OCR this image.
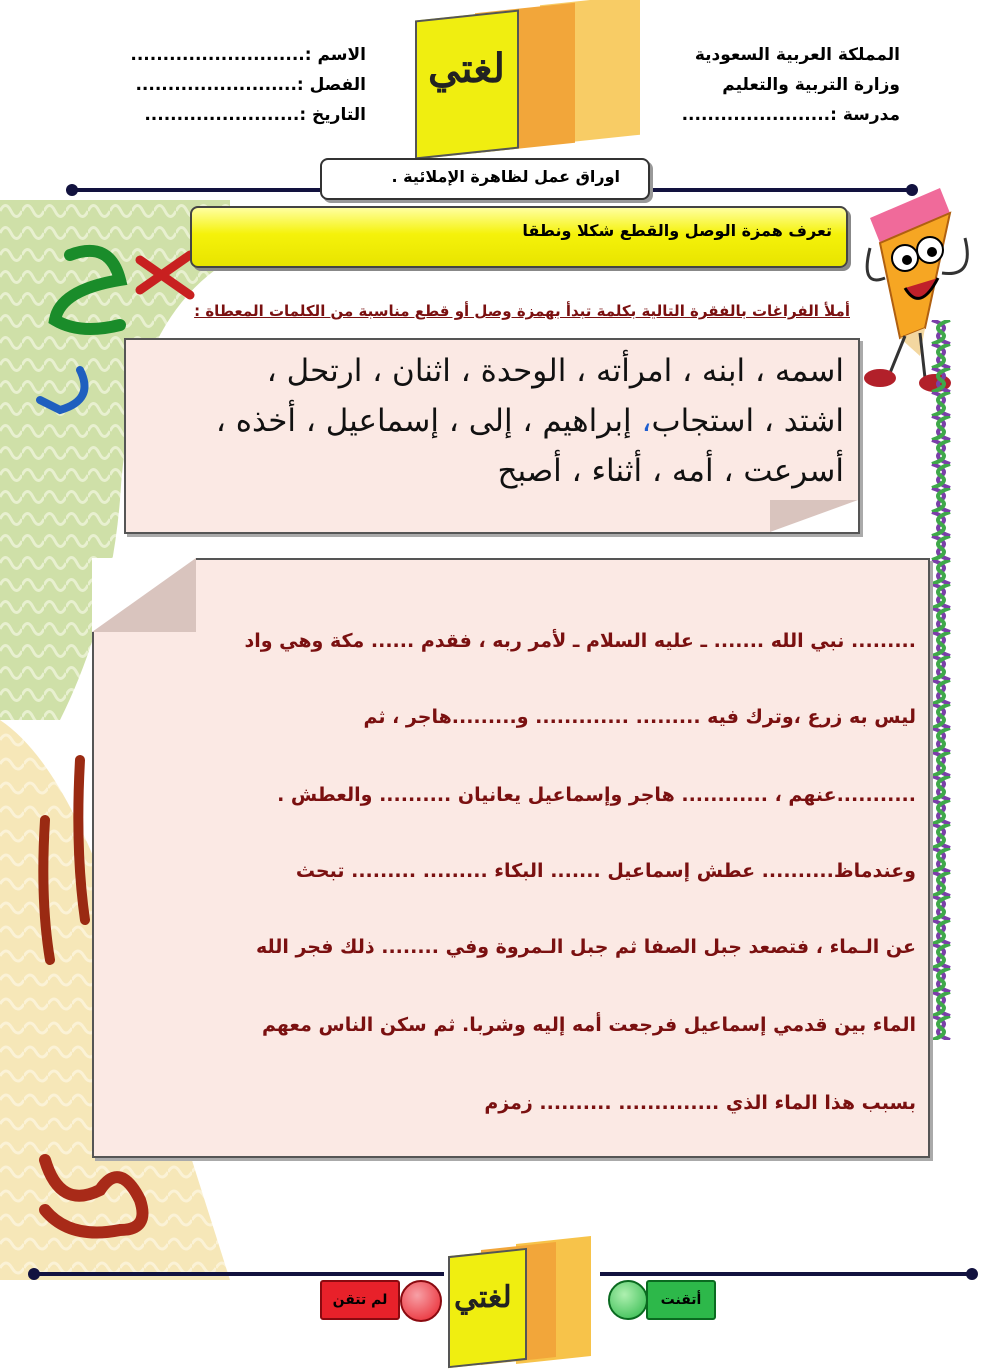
المملكة العربية السعودية
وزارة التربية والتعليم
مدرسة :.......................
الاسم :...........................
الفصل :.........................
التاريخ :........................
لغتي
اوراق عمل لظاهرة الإملائية .
تعرف همزة الوصل والقطع شكلا ونطقا
أملأ الفراغات بالفقرة التالية بكلمة تبدأ بهمزة وصل أو قطع مناسبة من الكلمات المعطاة :
اسمه ، ابنه ، امرأته ، الوحدة ، اثنان ، ارتحل ،
اشتد ، استجاب، إبراهيم ، إلى ، إسماعيل ، أخذه ،
أسرعت ، أمه ، أثناء ، أصبح
......... نبي الله ....... ـ عليه السلام ـ لأمر ربه ، فقدم ...... مكة وهي واد
ليس به زرع ،وترك فيه ......... ............. و.........هاجر ، ثم
...........عنهم ، ............ هاجر وإسماعيل يعانيان .......... والعطش .
وعندماظ.......... عطش إسماعيل ....... البكاء ......... ......... تبحث
عن الـماء ، فتصعد جبل الصفا ثم جبل الـمروة وفي ........ ذلك فجر الله
الماء بين قدمي إسماعيل فرجعت أمه إليه وشربا. ثم سكن الناس معهم
بسبب هذا الماء الذي .............. .......... زمزم
لغتي	أتقنت
لم تتقن
